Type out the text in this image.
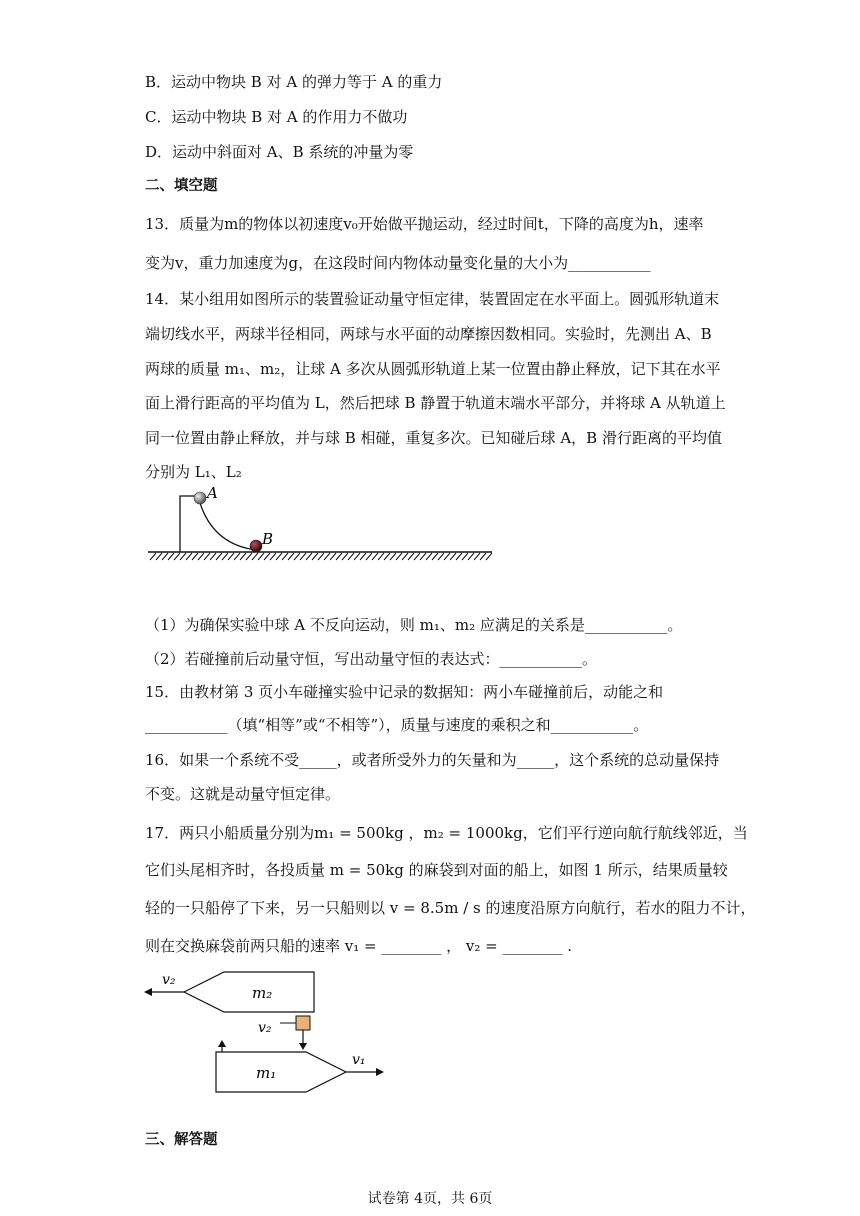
B．运动中物块 B 对 A 的弹力等于 A 的重力
C．运动中物块 B 对 A 的作用力不做功
D．运动中斜面对 A、B 系统的冲量为零
二、填空题
13．质量为m的物体以初速度v₀开始做平抛运动，经过时间t，下降的高度为h，速率
变为v，重力加速度为g，在这段时间内物体动量变化量的大小为___________
14．某小组用如图所示的装置验证动量守恒定律，装置固定在水平面上。圆弧形轨道末
端切线水平，两球半径相同，两球与水平面的动摩擦因数相同。实验时，先测出 A、B
两球的质量 m₁、m₂，让球 A 多次从圆弧形轨道上某一位置由静止释放，记下其在水平
面上滑行距高的平均值为 L，然后把球 B 静置于轨道末端水平部分，并将球 A 从轨道上
同一位置由静止释放，并与球 B 相碰，重复多次。已知碰后球 A，B 滑行距离的平均值
分别为 L₁、L₂
A
B
（1）为确保实验中球 A 不反向运动，则 m₁、m₂ 应满足的关系是___________。
（2）若碰撞前后动量守恒，写出动量守恒的表达式：___________。
15．由教材第 3 页小车碰撞实验中记录的数据知：两小车碰撞前后，动能之和
___________（填“相等”或“不相等”），质量与速度的乘积之和___________。
16．如果一个系统不受_____，或者所受外力的矢量和为_____，这个系统的总动量保持
不变。这就是动量守恒定律。
17．两只小船质量分别为m₁ = 500kg ，m₂ = 1000kg，它们平行逆向航行航线邻近，当
它们头尾相齐时，各投质量 m = 50kg 的麻袋到对面的船上，如图 1 所示，结果质量较
轻的一只船停了下来，另一只船则以 v = 8.5m / s 的速度沿原方向航行，若水的阻力不计，
则在交换麻袋前两只船的速率 v₁ = ________ ， v₂ = ________ .
m₂
v₂
v₂
m₁
v₁
三、解答题
试卷第 4页，共 6页
